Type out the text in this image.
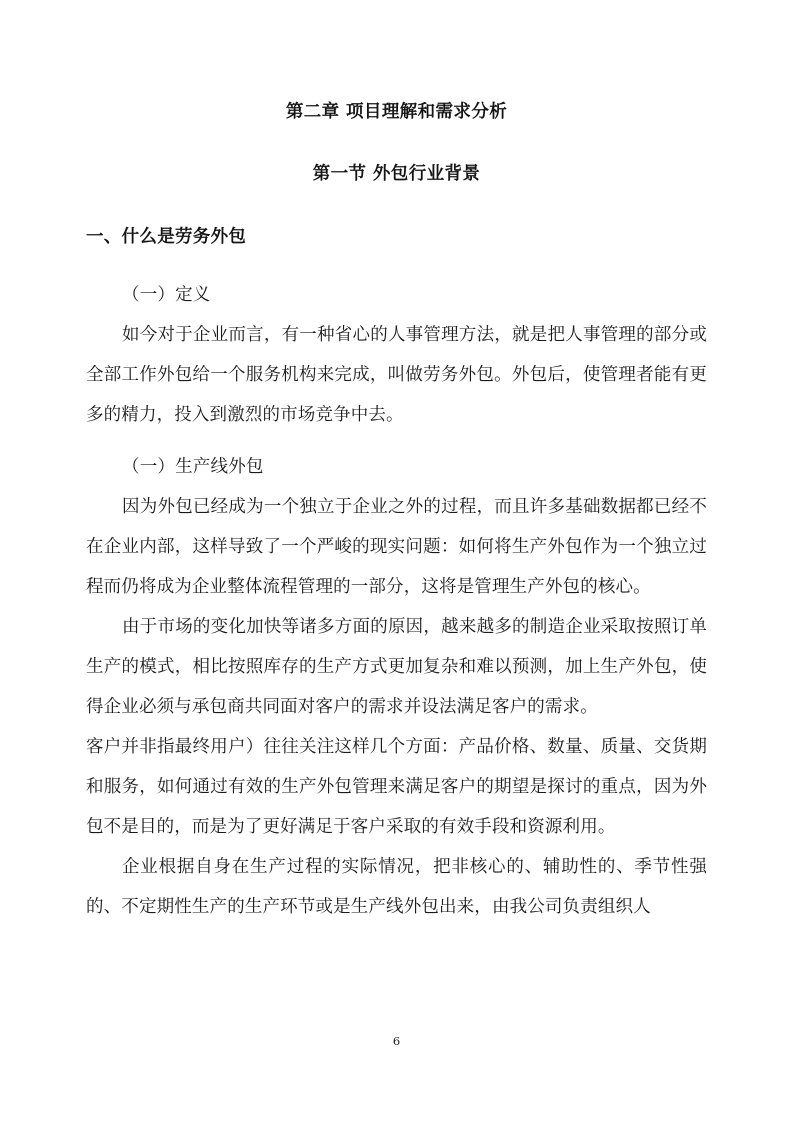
第二章 项目理解和需求分析
第一节 外包行业背景
一、什么是劳务外包

（一）定义

如今对于企业而言，有一种省心的人事管理方法，就是把人事管理的部分或全部工作外包给一个服务机构来完成，叫做劳务外包。外包后，使管理者能有更多的精力，投入到激烈的市场竞争中去。

（一）生产线外包

因为外包已经成为一个独立于企业之外的过程，而且许多基础数据都已经不在企业内部，这样导致了一个严峻的现实问题：如何将生产外包作为一个独立过程而仍将成为企业整体流程管理的一部分，这将是管理生产外包的核心。

由于市场的变化加快等诸多方面的原因，越来越多的制造企业采取按照订单生产的模式，相比按照库存的生产方式更加复杂和难以预测，加上生产外包，使得企业必须与承包商共同面对客户的需求并设法满足客户的需求。

客户并非指最终用户）往往关注这样几个方面：产品价格、数量、质量、交货期和服务，如何通过有效的生产外包管理来满足客户的期望是探讨的重点，因为外包不是目的，而是为了更好满足于客户采取的有效手段和资源利用。

企业根据自身在生产过程的实际情况，把非核心的、辅助性的、季节性强的、不定期性生产的生产环节或是生产线外包出来，由我公司负责组织人

6
